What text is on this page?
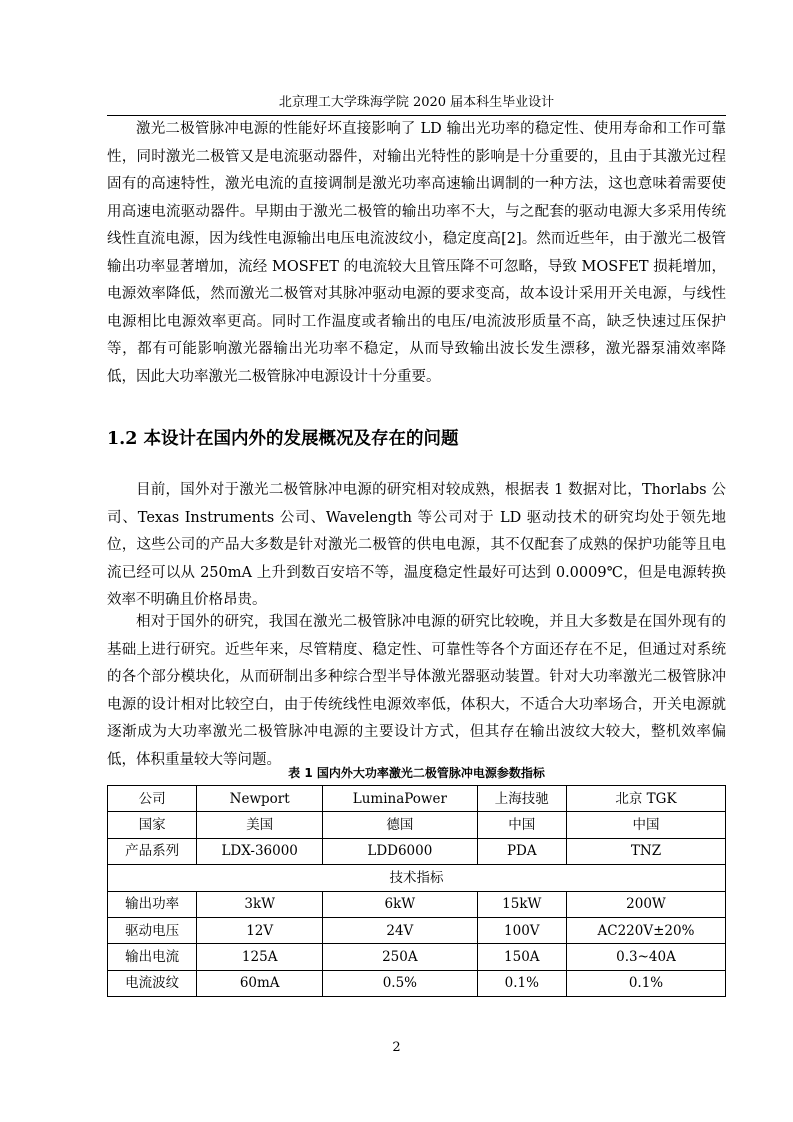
北京理工大学珠海学院 2020 届本科生毕业设计

激光二极管脉冲电源的性能好坏直接影响了 LD 输出光功率的稳定性、使用寿命和工作可靠性，同时激光二极管又是电流驱动器件，对输出光特性的影响是十分重要的，且由于其激光过程固有的高速特性，激光电流的直接调制是激光功率高速输出调制的一种方法，这也意味着需要使用高速电流驱动器件。早期由于激光二极管的输出功率不大，与之配套的驱动电源大多采用传统线性直流电源，因为线性电源输出电压电流波纹小，稳定度高[2]。然而近些年，由于激光二极管输出功率显著增加，流经 MOSFET 的电流较大且管压降不可忽略，导致 MOSFET 损耗增加，电源效率降低，然而激光二极管对其脉冲驱动电源的要求变高，故本设计采用开关电源，与线性电源相比电源效率更高。同时工作温度或者输出的电压/电流波形质量不高，缺乏快速过压保护等，都有可能影响激光器输出光功率不稳定，从而导致输出波长发生漂移，激光器泵浦效率降低，因此大功率激光二极管脉冲电源设计十分重要。

1.2 本设计在国内外的发展概况及存在的问题

目前，国外对于激光二极管脉冲电源的研究相对较成熟，根据表 1 数据对比，Thorlabs 公司、Texas Instruments 公司、Wavelength 等公司对于 LD 驱动技术的研究均处于领先地位，这些公司的产品大多数是针对激光二极管的供电电源，其不仅配套了成熟的保护功能等且电流已经可以从 250mA 上升到数百安培不等，温度稳定性最好可达到 0.0009℃，但是电源转换效率不明确且价格昂贵。

相对于国外的研究，我国在激光二极管脉冲电源的研究比较晚，并且大多数是在国外现有的基础上进行研究。近些年来，尽管精度、稳定性、可靠性等各个方面还存在不足，但通过对系统的各个部分模块化，从而研制出多种综合型半导体激光器驱动装置。针对大功率激光二极管脉冲电源的设计相对比较空白，由于传统线性电源效率低，体积大，不适合大功率场合，开关电源就逐渐成为大功率激光二极管脉冲电源的主要设计方式，但其存在输出波纹大较大，整机效率偏低，体积重量较大等问题。

表 1 国内外大功率激光二极管脉冲电源参数指标
公司	Newport	LuminaPower	上海技驰	北京 TGK
国家	美国	德国	中国	中国
产品系列	LDX-36000	LDD6000	PDA	TNZ
技术指标				
输出功率	3kW	6kW	15kW	200W
驱动电压	12V	24V	100V	AC220V±20%
输出电流	125A	250A	150A	0.3~40A
电流波纹	60mA	0.5%	0.1%	0.1%
2
